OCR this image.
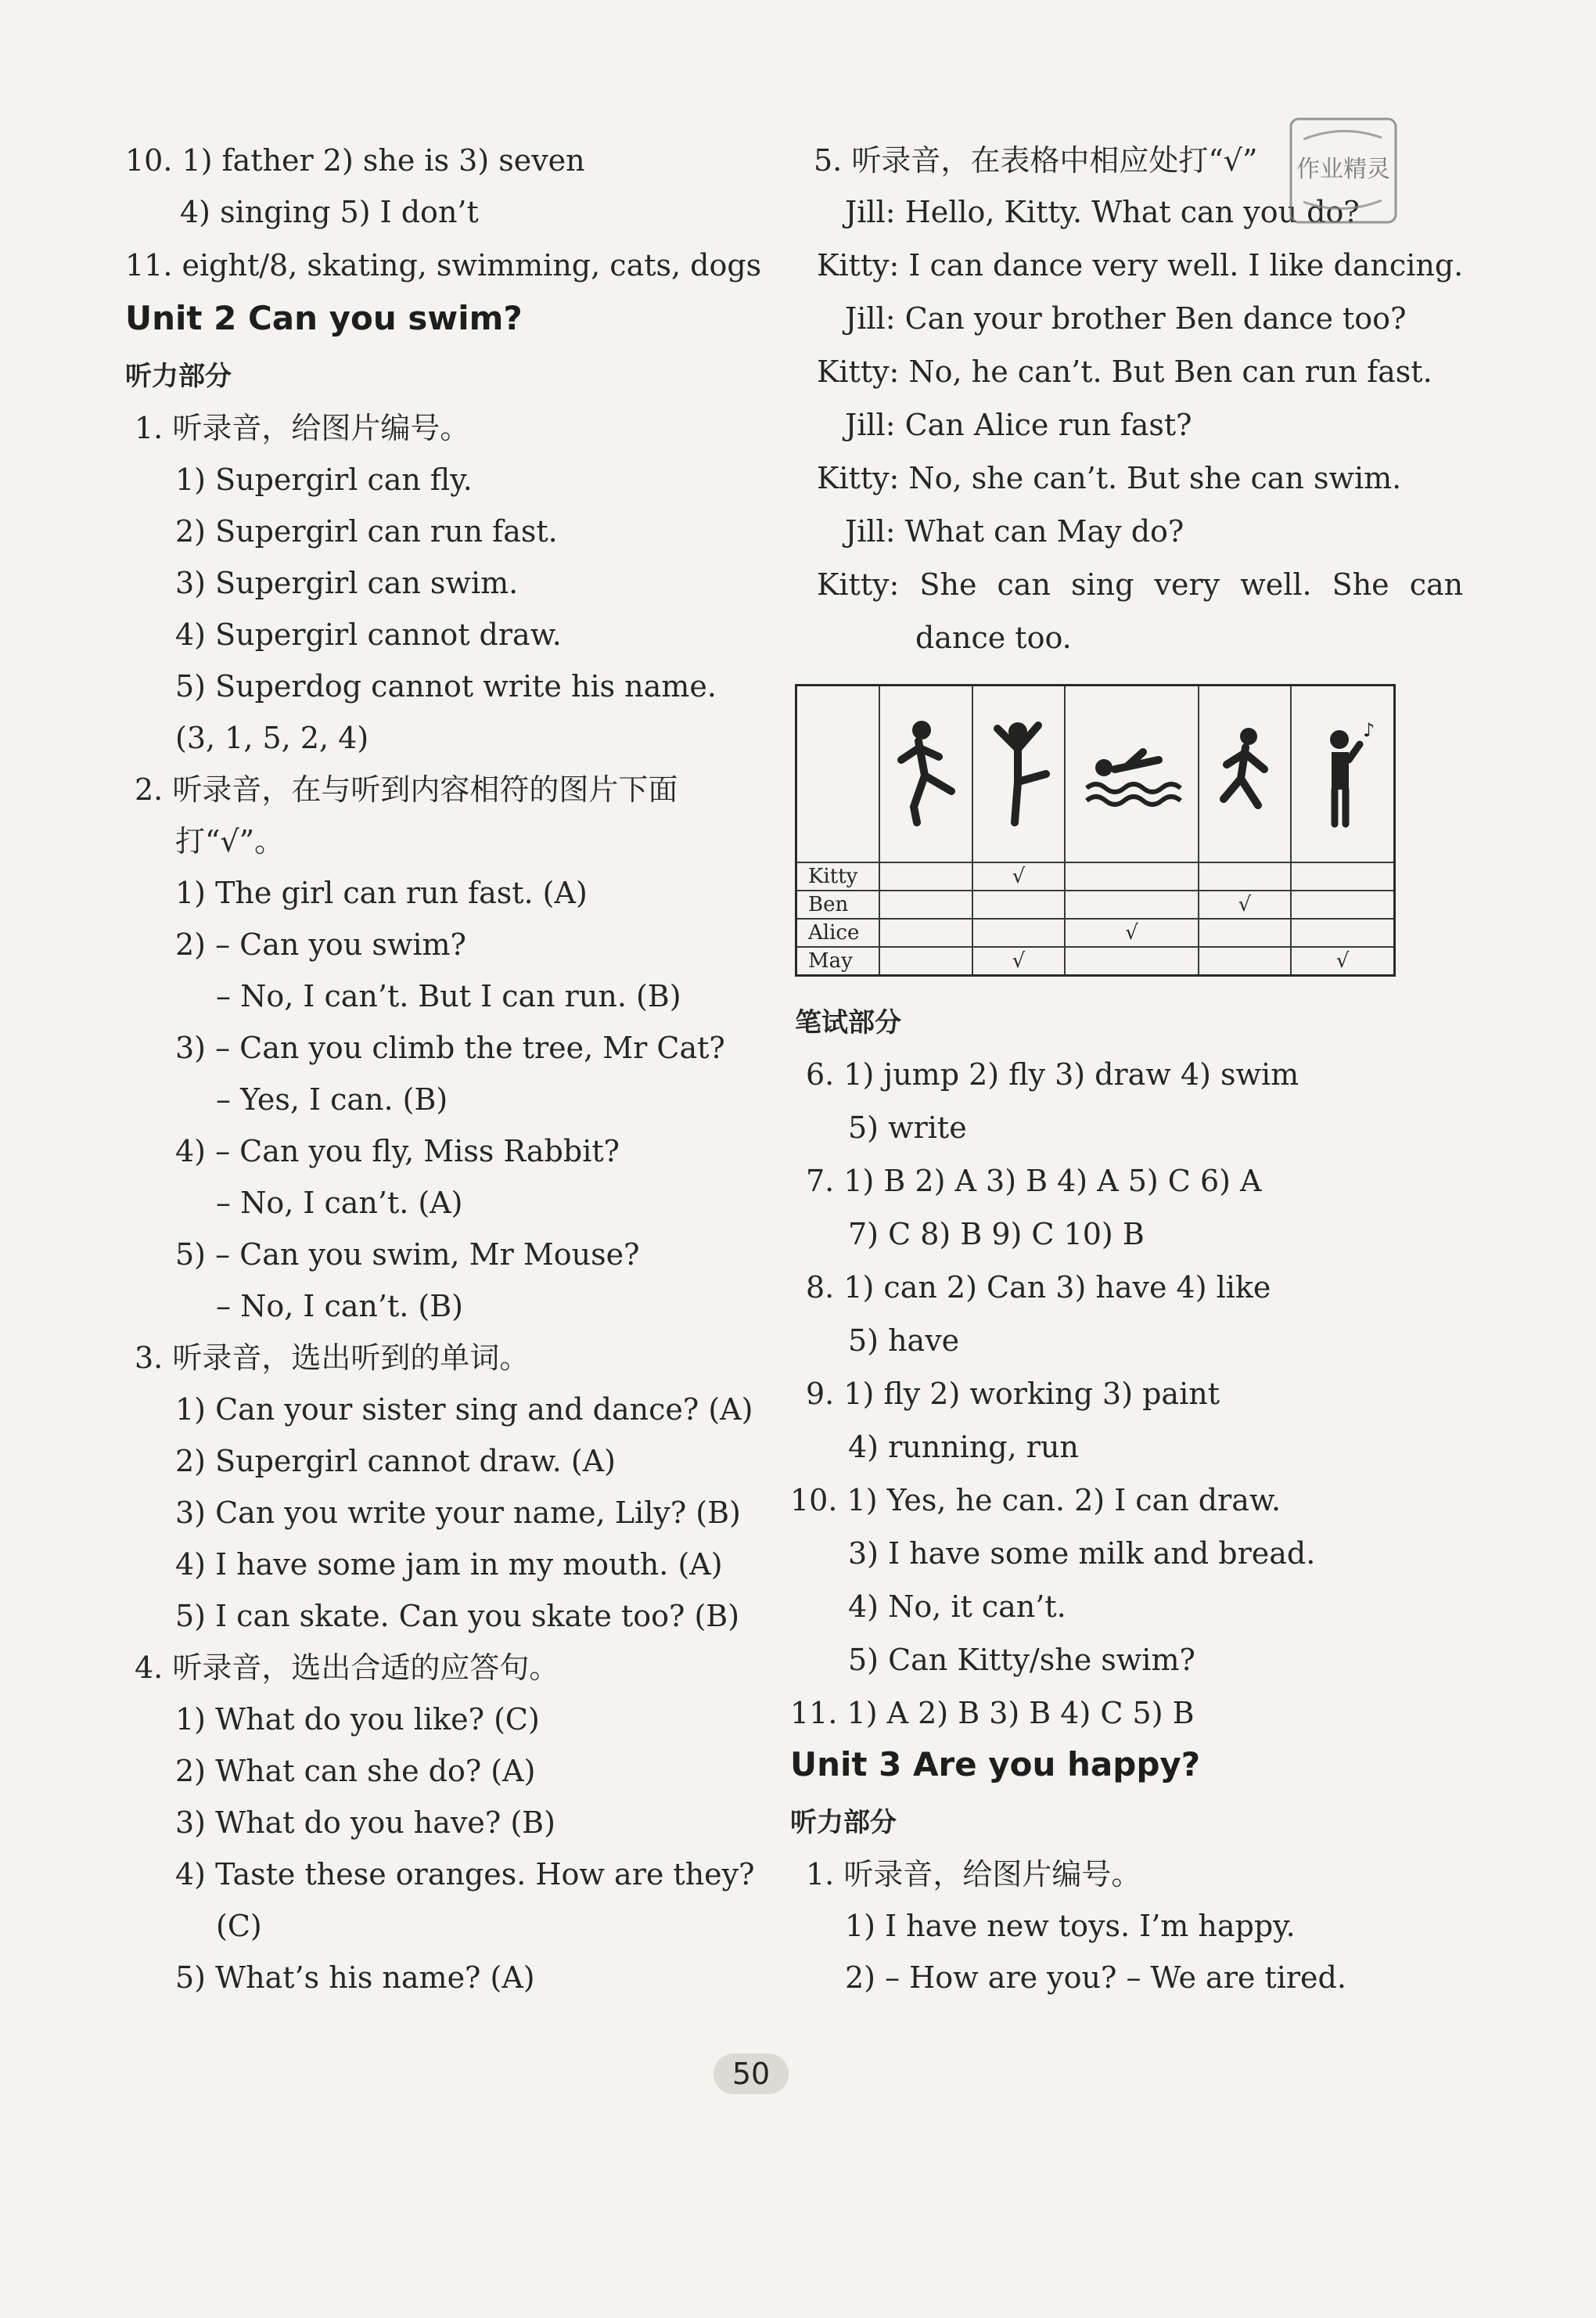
10. 1) father 2) she is 3) seven
4) singing 5) I don’t
11. eight/8, skating, swimming, cats, dogs
Unit 2 Can you swim?
听力部分
1. 听录音，给图片编号。
1) Supergirl can fly.
2) Supergirl can run fast.
3) Supergirl can swim.
4) Supergirl cannot draw.
5) Superdog cannot write his name.
(3, 1, 5, 2, 4)
2. 听录音，在与听到内容相符的图片下面
打“√”。
1) The girl can run fast. (A)
2) – Can you swim?
– No, I can’t. But I can run. (B)
3) – Can you climb the tree, Mr Cat?
– Yes, I can. (B)
4) – Can you fly, Miss Rabbit?
– No, I can’t. (A)
5) – Can you swim, Mr Mouse?
– No, I can’t. (B)
3. 听录音，选出听到的单词。
1) Can your sister sing and dance? (A)
2) Supergirl cannot draw. (A)
3) Can you write your name, Lily? (B)
4) I have some jam in my mouth. (A)
5) I can skate. Can you skate too? (B)
4. 听录音，选出合适的应答句。
1) What do you like? (C)
2) What can she do? (A)
3) What do you have? (B)
4) Taste these oranges. How are they?
(C)
5) What’s his name? (A)
5. 听录音，在表格中相应处打“√”
Jill: Hello, Kitty. What can you do?
Kitty: I can dance very well. I like dancing.
Jill: Can your brother Ben dance too?
Kitty: No, he can’t. But Ben can run fast.
Jill: Can Alice run fast?
Kitty: No, she can’t. But she can swim.
Jill: What can May do?
Kitty: She can sing very well. She can
dance too.
笔试部分
6. 1) jump 2) fly 3) draw 4) swim
5) write
7. 1) B 2) A 3) B 4) A 5) C 6) A
7) C 8) B 9) C 10) B
8. 1) can 2) Can 3) have 4) like
5) have
9. 1) fly 2) working 3) paint
4) running, run
10. 1) Yes, he can. 2) I can draw.
3) I have some milk and bread.
4) No, it can’t.
5) Can Kitty/she swim?
11. 1) A 2) B 3) B 4) C 5) B
Unit 3 Are you happy?
听力部分
1. 听录音，给图片编号。
1) I have new toys. I’m happy.
2) – How are you? – We are tired.
作业精灵

♪

Kitty		√			
Ben				√	
Alice			√		
May		√			√
50
